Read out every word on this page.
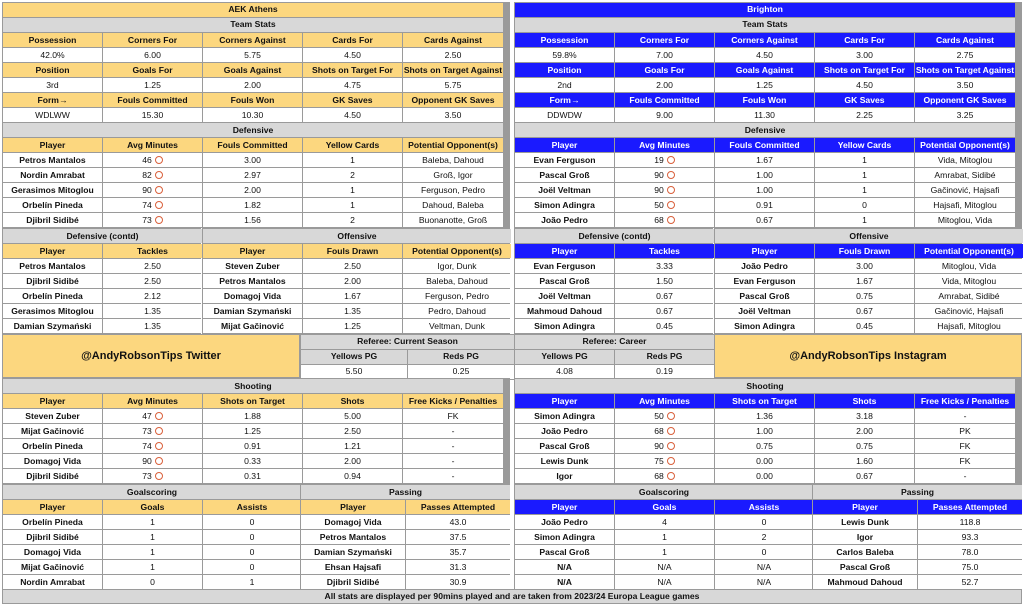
AEK Athens
Team Stats
Possession	Corners For	Corners Against	Cards For	Cards Against
42.0%	6.00	5.75	4.50	2.50
Position	Goals For	Goals Against	Shots on Target For	Shots on Target Against
3rd	1.25	2.00	4.75	5.75
Form→	Fouls Committed	Fouls Won	GK Saves	Opponent GK Saves
WDLWW	15.30	10.30	4.50	3.50
Brighton
Team Stats
Possession	Corners For	Corners Against	Cards For	Cards Against
59.8%	7.00	4.50	3.00	2.75
Position	Goals For	Goals Against	Shots on Target For	Shots on Target Against
2nd	2.00	1.25	4.50	3.50
Form→	Fouls Committed	Fouls Won	GK Saves	Opponent GK Saves
DDWDW	9.00	11.30	2.25	3.25
Defensive
Player	Avg Minutes	Fouls Committed	Yellow Cards	Potential Opponent(s)
Petros Mantalos	46	3.00	1	Baleba, Dahoud
Nordin Amrabat	82	2.97	2	Groß, Igor
Gerasimos Mitoglou	90	2.00	1	Ferguson, Pedro
Orbelín Pineda	74	1.82	1	Dahoud, Baleba
Djibril Sidibé	73	1.56	2	Buonanotte, Groß
Defensive
Player	Avg Minutes	Fouls Committed	Yellow Cards	Potential Opponent(s)
Evan Ferguson	19	1.67	1	Vida, Mitoglou
Pascal Groß	90	1.00	1	Amrabat, Sidibé
Joël Veltman	90	1.00	1	Gačinović, Hajsafi
Simon Adingra	50	0.91	0	Hajsafi, Mitoglou
João Pedro	68	0.67	1	Mitoglou, Vida
Defensive (contd)
Player	Tackles
Petros Mantalos	2.50
Djibril Sidibé	2.50
Orbelín Pineda	2.12
Gerasimos Mitoglou	1.35
Damian Szymański	1.35
Offensive
Player	Fouls Drawn	Potential Opponent(s)
Steven Zuber	2.50	Igor, Dunk
Petros Mantalos	2.00	Baleba, Dahoud
Domagoj Vida	1.67	Ferguson, Pedro
Damian Szymański	1.35	Pedro, Dahoud
Mijat Gačinović	1.25	Veltman, Dunk
Defensive (contd)
Player	Tackles
Evan Ferguson	3.33
Pascal Groß	1.50
Joël Veltman	0.67
Mahmoud Dahoud	0.67
Simon Adingra	0.45
Offensive
Player	Fouls Drawn	Potential Opponent(s)
João Pedro	3.00	Mitoglou, Vida
Evan Ferguson	1.67	Vida, Mitoglou
Pascal Groß	0.75	Amrabat, Sidibé
Joël Veltman	0.67	Gačinović, Hajsafi
Simon Adingra	0.45	Hajsafi, Mitoglou
@AndyRobsonTips Twitter
Referee: Current Season
Yellows PG	Reds PG
5.50	0.25
Referee: Career
Yellows PG	Reds PG
4.08	0.19
@AndyRobsonTips Instagram
Shooting
Player	Avg Minutes	Shots on Target	Shots	Free Kicks / Penalties
Steven Zuber	47	1.88	5.00	FK
Mijat Gačinović	73	1.25	2.50	-
Orbelín Pineda	74	0.91	1.21	-
Domagoj Vida	90	0.33	2.00	-
Djibril Sidibé	73	0.31	0.94	-
Shooting
Player	Avg Minutes	Shots on Target	Shots	Free Kicks / Penalties
Simon Adingra	50	1.36	3.18	-
João Pedro	68	1.00	2.00	PK
Pascal Groß	90	0.75	0.75	FK
Lewis Dunk	75	0.00	1.60	FK
Igor	68	0.00	0.67	-
Goalscoring
Player	Goals	Assists
Orbelín Pineda	1	0
Djibril Sidibé	1	0
Domagoj Vida	1	0
Mijat Gačinović	1	0
Nordin Amrabat	0	1
Passing
Player	Passes Attempted
Domagoj Vida	43.0
Petros Mantalos	37.5
Damian Szymański	35.7
Ehsan Hajsafi	31.3
Djibril Sidibé	30.9
Goalscoring
Player	Goals	Assists
João Pedro	4	0
Simon Adingra	1	2
Pascal Groß	1	0
N/A	N/A	N/A
N/A	N/A	N/A
Passing
Player	Passes Attempted
Lewis Dunk	118.8
Igor	93.3
Carlos Baleba	78.0
Pascal Groß	75.0
Mahmoud Dahoud	52.7
All stats are displayed per 90mins played and are taken from 2023/24 Europa League games
